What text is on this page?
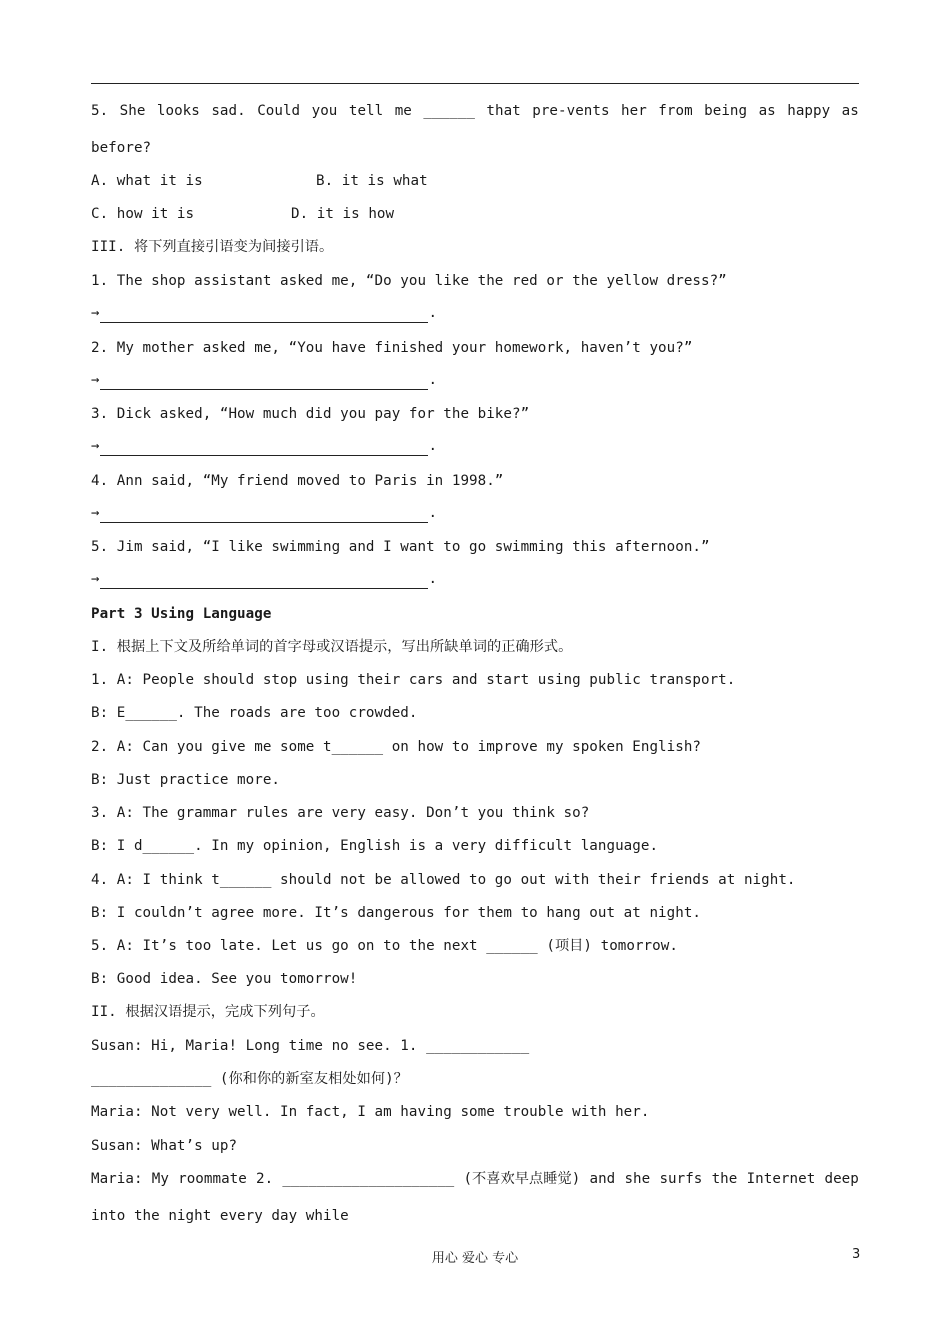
5. She looks sad. Could you tell me ______ that pre-vents her from being as happy as
before?
A. what it is	B. it is what
C. how it is	D. it is how
III. 将下列直接引语变为间接引语。
1. The shop assistant asked me, “Do you like the red or the yellow dress?”
→	.
2. My mother asked me, “You have finished your homework, haven’t you?”
→	.
3. Dick asked, “How much did you pay for the bike?”
→	.
4. Ann said, “My friend moved to Paris in 1998.”
→	.
5. Jim said, “I like swimming and I want to go swimming this afternoon.”
→	.
Part 3 Using Language
I. 根据上下文及所给单词的首字母或汉语提示，写出所缺单词的正确形式。
1. A: People should stop using their cars and start using public transport.
B: E______. The roads are too crowded.
2. A: Can you give me some t______ on how to improve my spoken English?
B: Just practice more.
3. A: The grammar rules are very easy. Don’t you think so?
B: I d______. In my opinion, English is a very difficult language.
4. A: I think t______ should not be allowed to go out with their friends at night.
B: I couldn’t agree more. It’s dangerous for them to hang out at night.
5. A: It’s too late. Let us go on to the next ______ (项目) tomorrow.
B: Good idea. See you tomorrow!
II. 根据汉语提示，完成下列句子。
Susan: Hi, Maria! Long time no see. 1. ____________
______________ (你和你的新室友相处如何)？
Maria: Not very well. In fact, I am having some trouble with her.
Susan: What’s up?
Maria: My roommate 2. ____________________ (不喜欢早点睡觉) and she surfs the Internet deep
into the night every day while
用心 爱心 专心	3
